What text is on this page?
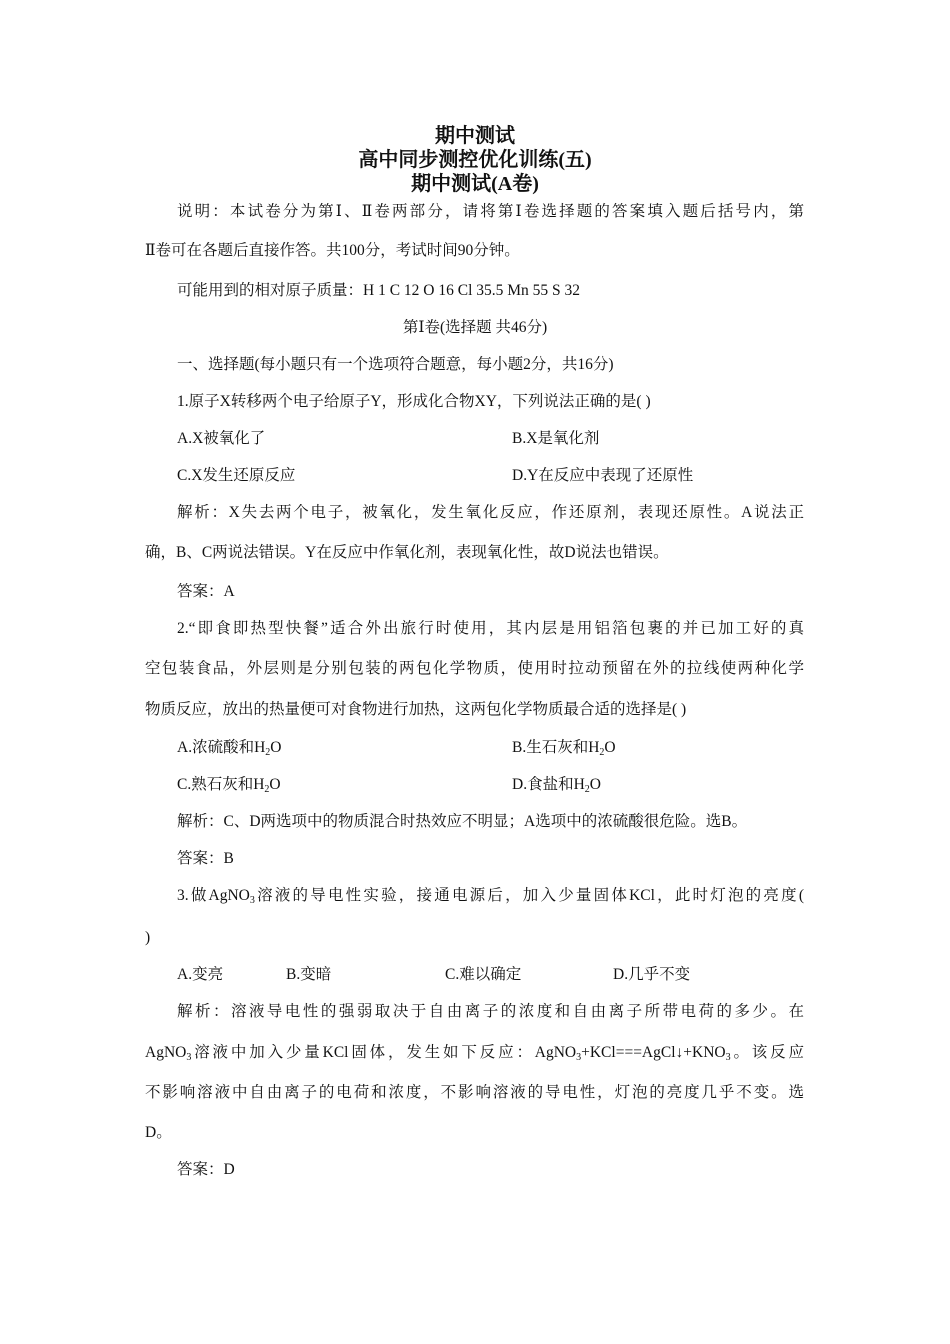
期中测试

高中同步测控优化训练(五)

期中测试(A卷)

说明：本试卷分为第Ⅰ、Ⅱ卷两部分，请将第Ⅰ卷选择题的答案填入题后括号内，第
Ⅱ卷可在各题后直接作答。共100分，考试时间90分钟。
可能用到的相对原子质量：H 1 C 12 O 16 Cl 35.5 Mn 55 S 32
第Ⅰ卷(选择题 共46分)
一、选择题(每小题只有一个选项符合题意，每小题2分，共16分)
1.原子X转移两个电子给原子Y，形成化合物XY，下列说法正确的是( )
A.X被氧化了	B.X是氧化剂
C.X发生还原反应	D.Y在反应中表现了还原性
解析：X失去两个电子，被氧化，发生氧化反应，作还原剂，表现还原性。A说法正
确，B、C两说法错误。Y在反应中作氧化剂，表现氧化性，故D说法也错误。
答案：A
2.“即食即热型快餐”适合外出旅行时使用，其内层是用铝箔包裹的并已加工好的真
空包装食品，外层则是分别包装的两包化学物质，使用时拉动预留在外的拉线使两种化学
物质反应，放出的热量便可对食物进行加热，这两包化学物质最合适的选择是( )
A.浓硫酸和$H_2O$	B.生石灰和$H_2O$
C.熟石灰和$H_2O$	D.食盐和$H_2O$
解析：C、D两选项中的物质混合时热效应不明显；A选项中的浓硫酸很危险。选B。
答案：B
3.做AgNO$_3$溶液的导电性实验，接通电源后，加入少量固体KCl，此时灯泡的亮度(
)
A.变亮	B.变暗	C.难以确定	D.几乎不变
解析：溶液导电性的强弱取决于自由离子的浓度和自由离子所带电荷的多少。在
AgNO$_3$溶液中加入少量KCl固体，发生如下反应：$AgNO_3+KCl===AgCl↓+KNO_3$。该反应
不影响溶液中自由离子的电荷和浓度，不影响溶液的导电性，灯泡的亮度几乎不变。选
D。
答案：D
